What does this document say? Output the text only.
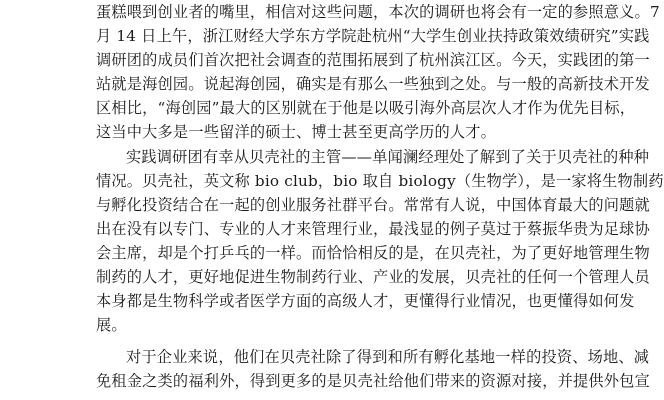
蛋糕喂到创业者的嘴里，相信对这些问题，本次的调研也将会有一定的参照意义。7
月 14 日上午，浙江财经大学东方学院赴杭州“大学生创业扶持政策效绩研究”实践
调研团的成员们首次把社会调查的范围拓展到了杭州滨江区。今天，实践团的第一
站就是海创园。说起海创园，确实是有那么一些独到之处。与一般的高新技术开发
区相比，“海创园”最大的区别就在于他是以吸引海外高层次人才作为优先目标，
这当中大多是一些留洋的硕士、博士甚至更高学历的人才。
实践调研团有幸从贝壳社的主管——单闻澜经理处了解到了关于贝壳社的种种
情况。贝壳社，英文称 bio club，bio 取自 biology（生物学），是一家将生物制药
与孵化投资结合在一起的创业服务社群平台。常常有人说，中国体育最大的问题就
出在没有以专门、专业的人才来管理行业，最浅显的例子莫过于蔡振华贵为足球协
会主席，却是个打乒乓的一样。而恰恰相反的是，在贝壳社，为了更好地管理生物
制药的人才，更好地促进生物制药行业、产业的发展，贝壳社的任何一个管理人员
本身都是生物科学或者医学方面的高级人才，更懂得行业情况，也更懂得如何发
展。
对于企业来说，他们在贝壳社除了得到和所有孵化基地一样的投资、场地、减
免租金之类的福利外，得到更多的是贝壳社给他们带来的资源对接，并提供外包宣
